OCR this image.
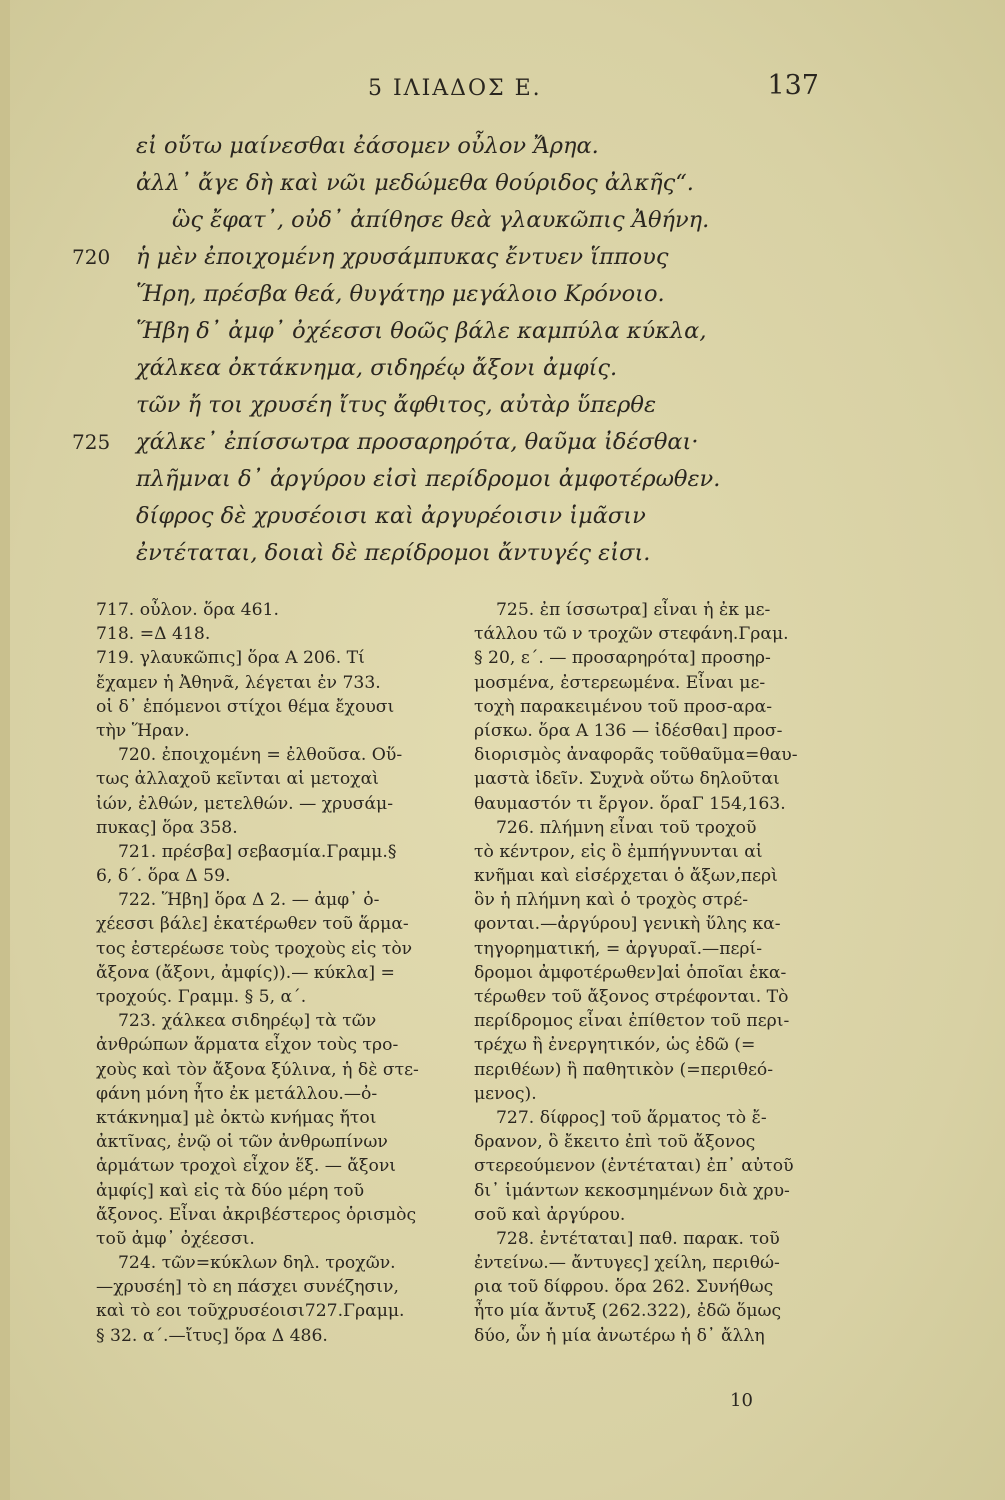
5 ΙΛΙΑΔΟΣ Ε.	137
εἰ οὕτω μαίνεσθαι ἐάσομεν οὖλον Ἄρηα.
ἀλλ᾽ ἄγε δὴ καὶ νῶι μεδώμεθα θούριδος ἀλκῆς“.
ὣς ἔφατ᾽, οὐδ᾽ ἀπίθησε θεὰ γλαυκῶπις Ἀθήνη.
720 ἡ μὲν ἐποιχομένη χρυσάμπυκας ἔντυεν ἵππους
Ἥρη, πρέσβα θεά, θυγάτηρ μεγάλοιο Κρόνοιο.
Ἥβη δ᾽ ἀμφ᾽ ὀχέεσσι θοῶς βάλε καμπύλα κύκλα,
χάλκεα ὀκτάκνημα, σιδηρέῳ ἄξονι ἀμφίς.
τῶν ἤ τοι χρυσέη ἴτυς ἄφθιτος, αὐτὰρ ὕπερθε
725 χάλκε᾽ ἐπίσσωτρα προσαρηρότα, θαῦμα ἰδέσθαι·
πλῆμναι δ᾽ ἀργύρου εἰσὶ περίδρομοι ἀμφοτέρωθεν.
δίφρος δὲ χρυσέοισι καὶ ἀργυρέοισιν ἱμᾶσιν
ἐντέταται, δοιαὶ δὲ περίδρομοι ἄντυγές εἰσι.
717. οὖλον. ὅρα 461.
718. =Δ 418.
719. γλαυκῶπις] ὅρα Α 206. Τί
ἔχαμεν ἡ Ἀθηνᾶ, λέγεται ἐν 733.
οἱ δ᾽ ἑπόμενοι στίχοι θέμα ἔχουσι
τὴν Ἥραν.
720. ἐποιχομένη = ἐλθοῦσα. Οὕ-
τως ἀλλαχοῦ κεῖνται αἱ μετοχαὶ
ἰών, ἐλθών, μετελθών. — χρυσάμ-
πυκας] ὅρα 358.
721. πρέσβα] σεβασμία.Γραμμ.§
6, δ΄. ὅρα Δ 59.
722. Ἥβη] ὅρα Δ 2. — ἀμφ᾽ ὀ-
χέεσσι βάλε] ἑκατέρωθεν τοῦ ἅρμα-
τος ἐστερέωσε τοὺς τροχοὺς εἰς τὸν
ἄξονα (ἄξονι, ἀμφίς)).— κύκλα] =
τροχούς. Γραμμ. § 5, α΄.
723. χάλκεα σιδηρέῳ] τὰ τῶν
ἀνθρώπων ἅρματα εἶχον τοὺς τρο-
χοὺς καὶ τὸν ἄξονα ξύλινα, ἡ δὲ στε-
φάνη μόνη ἦτο ἐκ μετάλλου.—ὀ-
κτάκνημα] μὲ ὀκτὼ κνήμας ἤτοι
ἀκτῖνας, ἐνῷ οἱ τῶν ἀνθρωπίνων
ἁρμάτων τροχοὶ εἶχον ἕξ. — ἄξονι
ἀμφίς] καὶ εἰς τὰ δύο μέρη τοῦ
ἄξονος. Εἶναι ἀκριβέστερος ὁρισμὸς
τοῦ ἀμφ᾽ ὀχέεσσι.
724. τῶν=κύκλων δηλ. τροχῶν.
—χρυσέη] τὸ εη πάσχει συνέζησιν,
καὶ τὸ εοι τοῦχρυσέοισι727.Γραμμ.
§ 32. α΄.—ἴτυς] ὅρα Δ 486.
725. ἐπ ίσσωτρα] εἶναι ἡ ἐκ με-
τάλλου τῶ ν τροχῶν στεφάνη.Γραμ.
§ 20, ε΄. — προσαρηρότα] προσηρ-
μοσμένα, ἐστερεωμένα. Εἶναι με-
τοχὴ παρακειμένου τοῦ προσ-αρα-
ρίσκω. ὅρα Α 136 — ἰδέσθαι] προσ-
διορισμὸς ἀναφορᾶς τοῦθαῦμα=θαυ-
μαστὰ ἰδεῖν. Συχνὰ οὕτω δηλοῦται
θαυμαστόν τι ἔργον. ὅραΓ 154,163.
726. πλήμνη εἶναι τοῦ τροχοῦ
τὸ κέντρον, εἰς ὃ ἐμπήγνυνται αἱ
κνῆμαι καὶ εἰσέρχεται ὁ ἄξων,περὶ
ὃν ἡ πλήμνη καὶ ὁ τροχὸς στρέ-
φονται.—ἀργύρου] γενικὴ ὕλης κα-
τηγορηματική, = ἀργυραῖ.—περί-
δρομοι ἀμφοτέρωθεν]αἱ ὁποῖαι ἑκα-
τέρωθεν τοῦ ἄξονος στρέφονται. Τὸ
περίδρομος εἶναι ἐπίθετον τοῦ περι-
τρέχω ἢ ἐνεργητικόν, ὡς ἐδῶ (=
περιθέων) ἢ παθητικὸν (=περιθεό-
μενος).
727. δίφρος] τοῦ ἅρματος τὸ ἔ-
δρανον, ὃ ἔκειτο ἐπὶ τοῦ ἄξονος
στερεούμενον (ἐντέταται) ἐπ᾽ αὐτοῦ
δι᾽ ἱμάντων κεκοσμημένων διὰ χρυ-
σοῦ καὶ ἀργύρου.
728. ἐντέταται] παθ. παρακ. τοῦ
ἐντείνω.— ἄντυγες] χείλη, περιθώ-
ρια τοῦ δίφρου. ὅρα 262. Συνήθως
ἦτο μία ἄντυξ (262.322), ἐδῶ ὅμως
δύο, ὧν ἡ μία ἀνωτέρω ἡ δ᾽ ἄλλη
10
